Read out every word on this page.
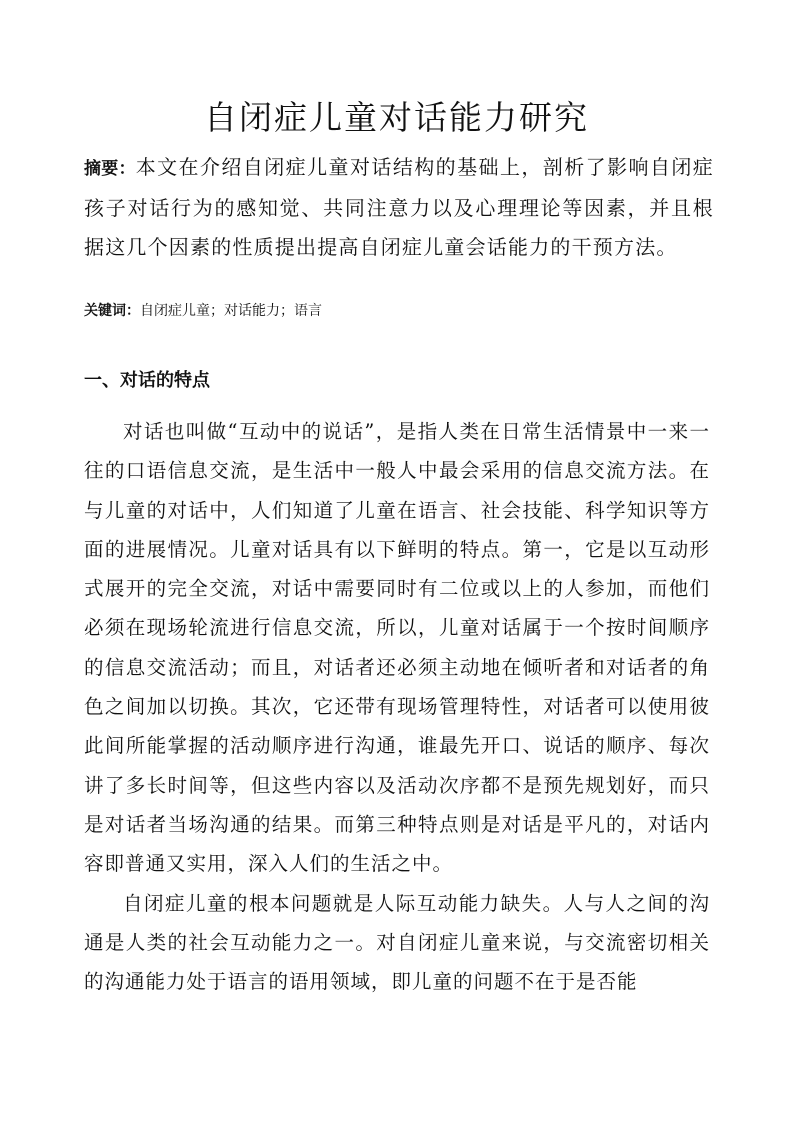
自闭症儿童对话能力研究

摘要：本文在介绍自闭症儿童对话结构的基础上，剖析了影响自闭症孩子对话行为的感知觉、共同注意力以及心理理论等因素，并且根据这几个因素的性质提出提高自闭症儿童会话能力的干预方法。

关键词：自闭症儿童；对话能力；语言

一、对话的特点

对话也叫做“互动中的说话”，是指人类在日常生活情景中一来一往的口语信息交流，是生活中一般人中最会采用的信息交流方法。在与儿童的对话中，人们知道了儿童在语言、社会技能、科学知识等方面的进展情况。儿童对话具有以下鲜明的特点。第一，它是以互动形式展开的完全交流，对话中需要同时有二位或以上的人参加，而他们必须在现场轮流进行信息交流，所以，儿童对话属于一个按时间顺序的信息交流活动；而且，对话者还必须主动地在倾听者和对话者的角色之间加以切换。其次，它还带有现场管理特性，对话者可以使用彼此间所能掌握的活动顺序进行沟通，谁最先开口、说话的顺序、每次讲了多长时间等，但这些内容以及活动次序都不是预先规划好，而只是对话者当场沟通的结果。而第三种特点则是对话是平凡的，对话内容即普通又实用，深入人们的生活之中。

自闭症儿童的根本问题就是人际互动能力缺失。人与人之间的沟通是人类的社会互动能力之一。对自闭症儿童来说，与交流密切相关的沟通能力处于语言的语用领域，即儿童的问题不在于是否能
